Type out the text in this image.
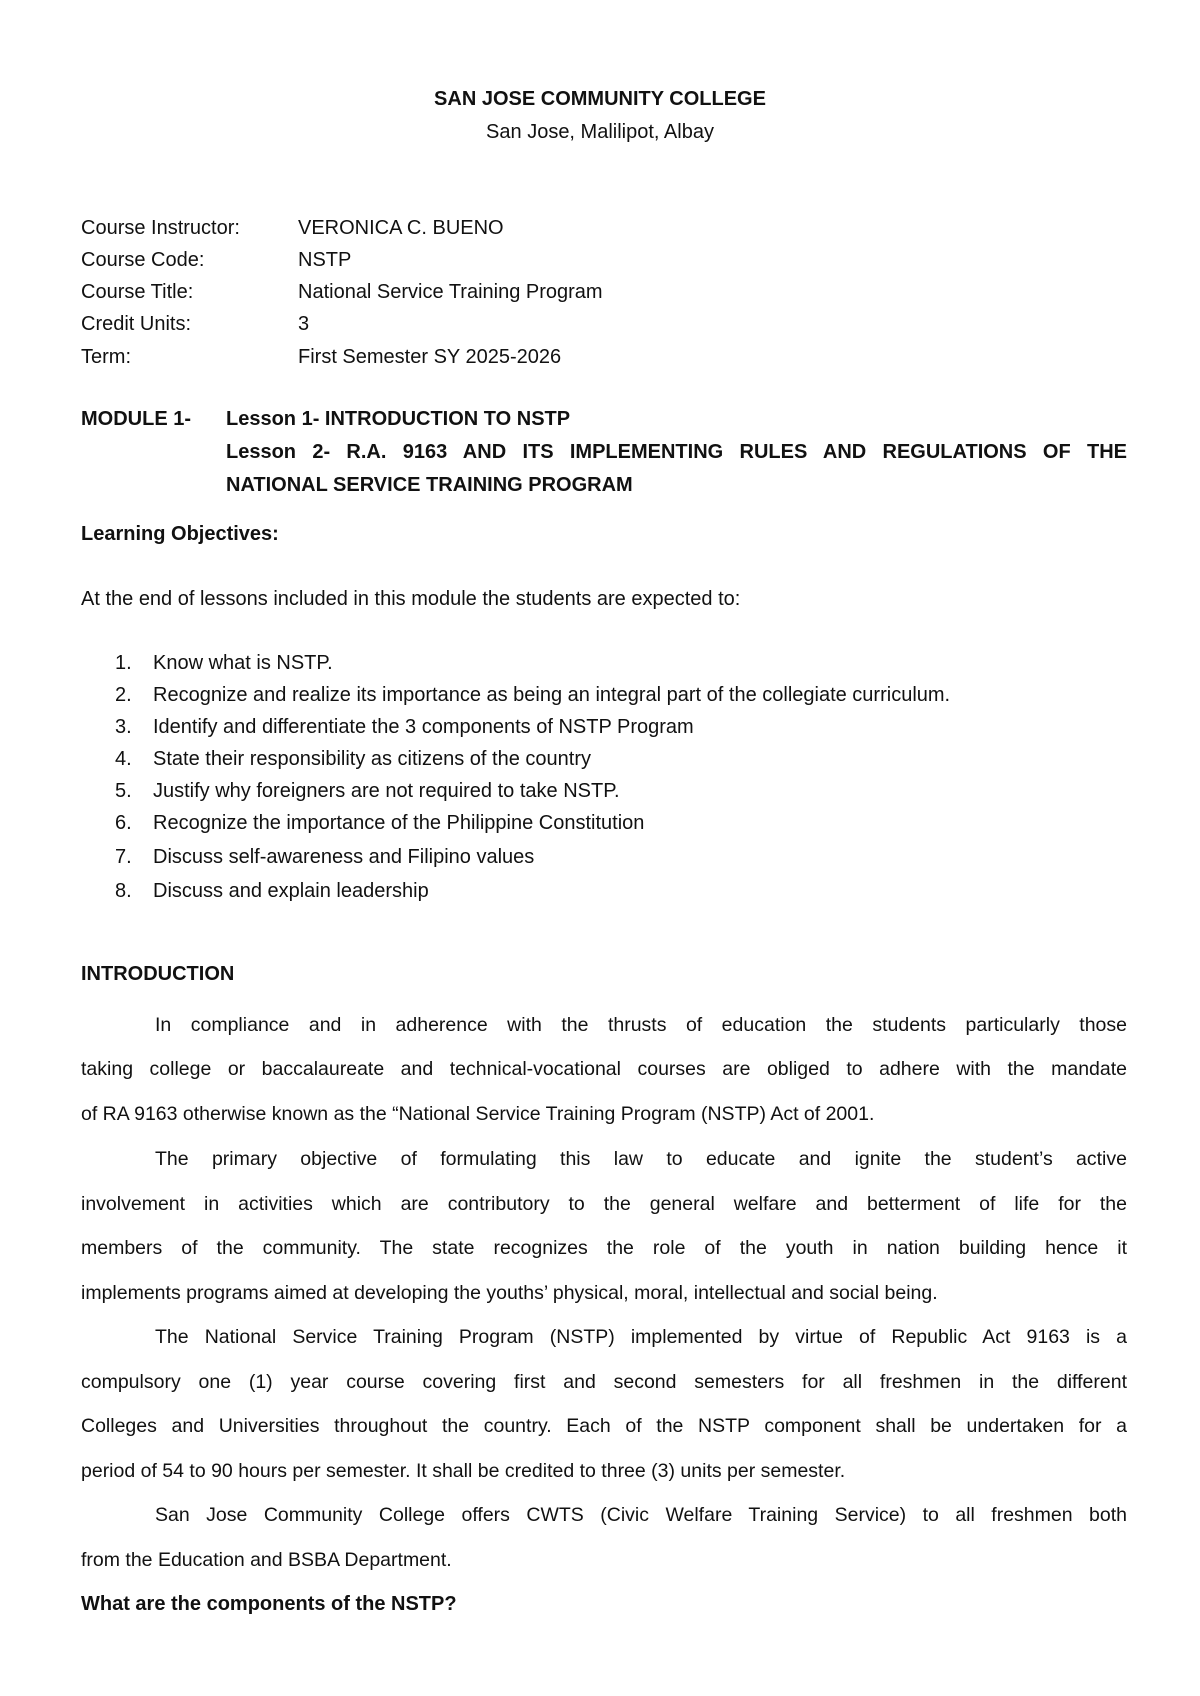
SAN JOSE COMMUNITY COLLEGE
San Jose, Malilipot, Albay
Course Instructor:	VERONICA C. BUENO
Course Code:	NSTP
Course Title:	National Service Training Program
Credit Units:	3
Term:	First Semester SY 2025-2026
MODULE 1- Lesson 1- INTRODUCTION TO NSTP
Lesson 2- R.A. 9163 AND ITS IMPLEMENTING RULES AND REGULATIONS OF THE
NATIONAL SERVICE TRAINING PROGRAM
Learning Objectives:
At the end of lessons included in this module the students are expected to:
1. Know what is NSTP.
2. Recognize and realize its importance as being an integral part of the collegiate curriculum.
3. Identify and differentiate the 3 components of NSTP Program
4. State their responsibility as citizens of the country
5. Justify why foreigners are not required to take NSTP.
6. Recognize the importance of the Philippine Constitution
7. Discuss self-awareness and Filipino values
8. Discuss and explain leadership
INTRODUCTION
In compliance and in adherence with the thrusts of education the students particularly those
taking college or baccalaureate and technical-vocational courses are obliged to adhere with the mandate
of RA 9163 otherwise known as the “National Service Training Program (NSTP) Act of 2001.
The primary objective of formulating this law to educate and ignite the student’s active
involvement in activities which are contributory to the general welfare and betterment of life for the
members of the community. The state recognizes the role of the youth in nation building hence it
implements programs aimed at developing the youths’ physical, moral, intellectual and social being.
The National Service Training Program (NSTP) implemented by virtue of Republic Act 9163 is a
compulsory one (1) year course covering first and second semesters for all freshmen in the different
Colleges and Universities throughout the country. Each of the NSTP component shall be undertaken for a
period of 54 to 90 hours per semester. It shall be credited to three (3) units per semester.
San Jose Community College offers CWTS (Civic Welfare Training Service) to all freshmen both
from the Education and BSBA Department.
What are the components of the NSTP?
